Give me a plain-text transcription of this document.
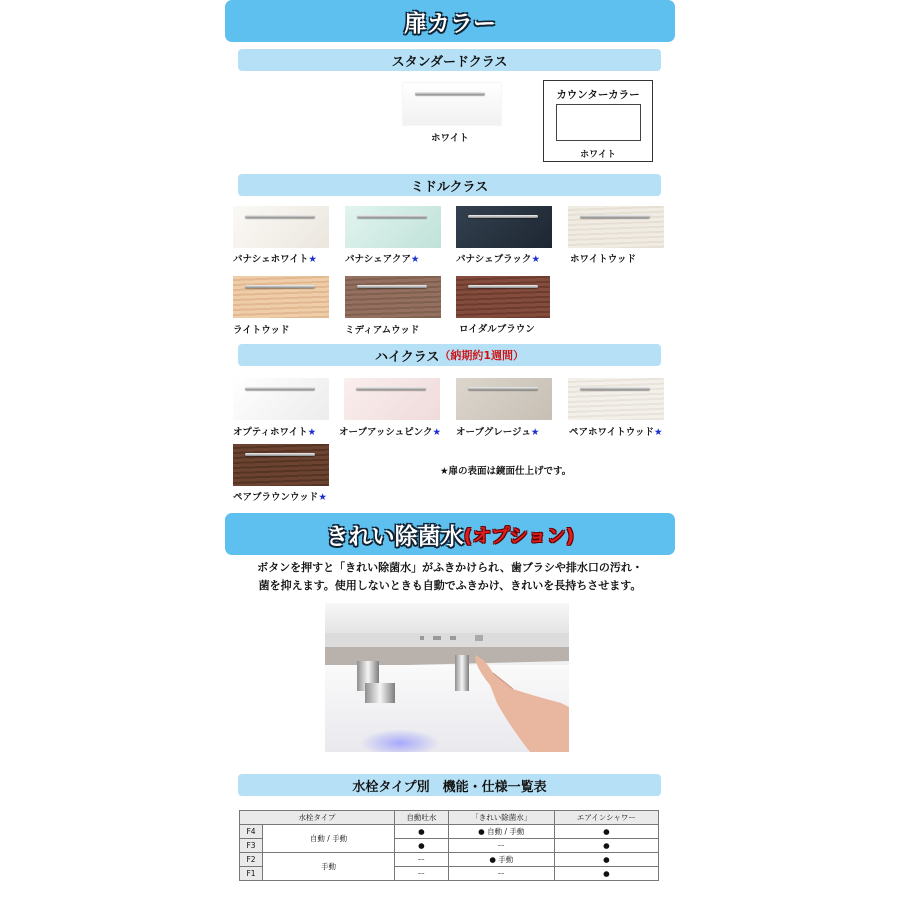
扉カラー
スタンダードクラス
ホワイト
カウンターカラー
ホワイト
ミドルクラス
パナシェホワイト★	パナシェアクア★	パナシェブラック★	ホワイトウッド
ライトウッド	ミディアムウッド	ロイダルブラウン
ハイクラス （納期約1週間）
オプティホワイト★ オーブアッシュピンク★ オーブグレージュ★	ペアホワイトウッド★
ペアブラウンウッド★
★扉の表面は鏡面仕上げです。
きれい除菌水 (オプション)
ボタンを押すと「きれい除菌水」がふきかけられ、歯ブラシや排水口の汚れ・
菌を抑えます。使用しないときも自動でふきかけ、きれいを長持ちさせます。
水栓タイプ別　機能・仕様一覧表
水栓タイプ		自動吐水	「きれい除菌水」	エアインシャワー
F4	自動 / 手動	●	● 自動 / 手動	●
F3		●	ー	●
F2	手動	ー	● 手動	●
F1		ー	ー	●
